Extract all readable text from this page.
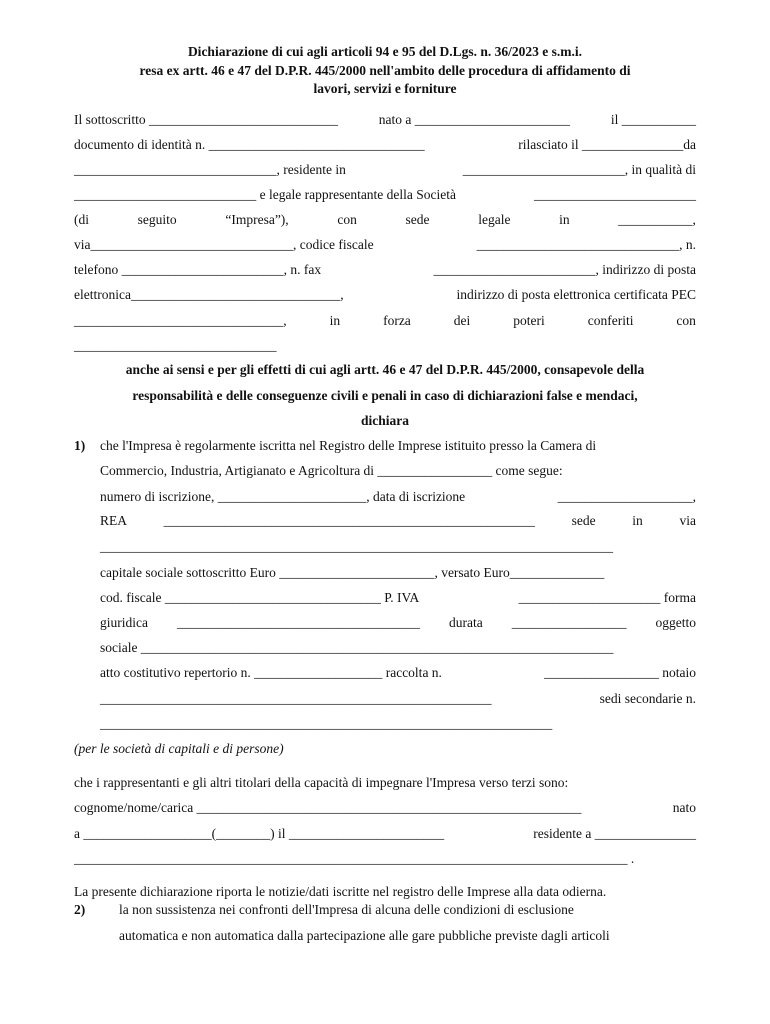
Dichiarazione di cui agli articoli 94 e 95 del D.Lgs. n. 36/2023 e s.m.i.
resa ex artt. 46 e 47 del D.P.R. 445/2000 nell'ambito delle procedura di affidamento di
lavori, servizi e forniture
Il sottoscritto ____________________________	nato a _______________________	il ___________
documento di identità n. ________________________________	rilasciato il _______________da
______________________________, residente in	________________________, in qualità di
___________________________ e legale rappresentante della Società	________________________
(di	seguito	“Impresa”),	con	sede	legale	in	___________,
via______________________________, codice fiscale	______________________________, n.
telefono ________________________, n. fax	________________________, indirizzo di posta
elettronica_______________________________,	indirizzo di posta elettronica certificata PEC
_______________________________,	in	forza	dei	poteri	conferiti	con
______________________________
anche ai sensi e per gli effetti di cui agli artt. 46 e 47 del D.P.R. 445/2000, consapevole della
responsabilità e delle conseguenze civili e penali in caso di dichiarazioni false e mendaci,
dichiara
1) che l'Impresa è regolarmente iscritta nel Registro delle Imprese istituito presso la Camera di
Commercio, Industria, Artigianato e Agricoltura di _________________ come segue:
numero di iscrizione, ______________________, data di iscrizione	____________________,
REA	_______________________________________________________	sede	in	via
____________________________________________________________________________
capitale sociale sottoscritto Euro _______________________, versato Euro______________
cod. fiscale ________________________________ P. IVA	_____________________ forma
giuridica ____________________________________ durata _________________ oggetto
sociale ______________________________________________________________________
atto costitutivo repertorio n. ___________________ raccolta n.	_________________ notaio
__________________________________________________________	sedi secondarie n.
___________________________________________________________________
(per le società di capitali e di persone)
che i rappresentanti e gli altri titolari della capacità di impegnare l'Impresa verso terzi sono:
cognome/nome/carica _________________________________________________________	nato
a ___________________(________) il _______________________	residente a _______________
__________________________________________________________________________________ .
La presente dichiarazione riporta le notizie/dati iscritte nel registro delle Imprese alla data odierna.
2)	la non sussistenza nei confronti dell'Impresa di alcuna delle condizioni di esclusione
automatica e non automatica dalla partecipazione alle gare pubbliche previste dagli articoli
